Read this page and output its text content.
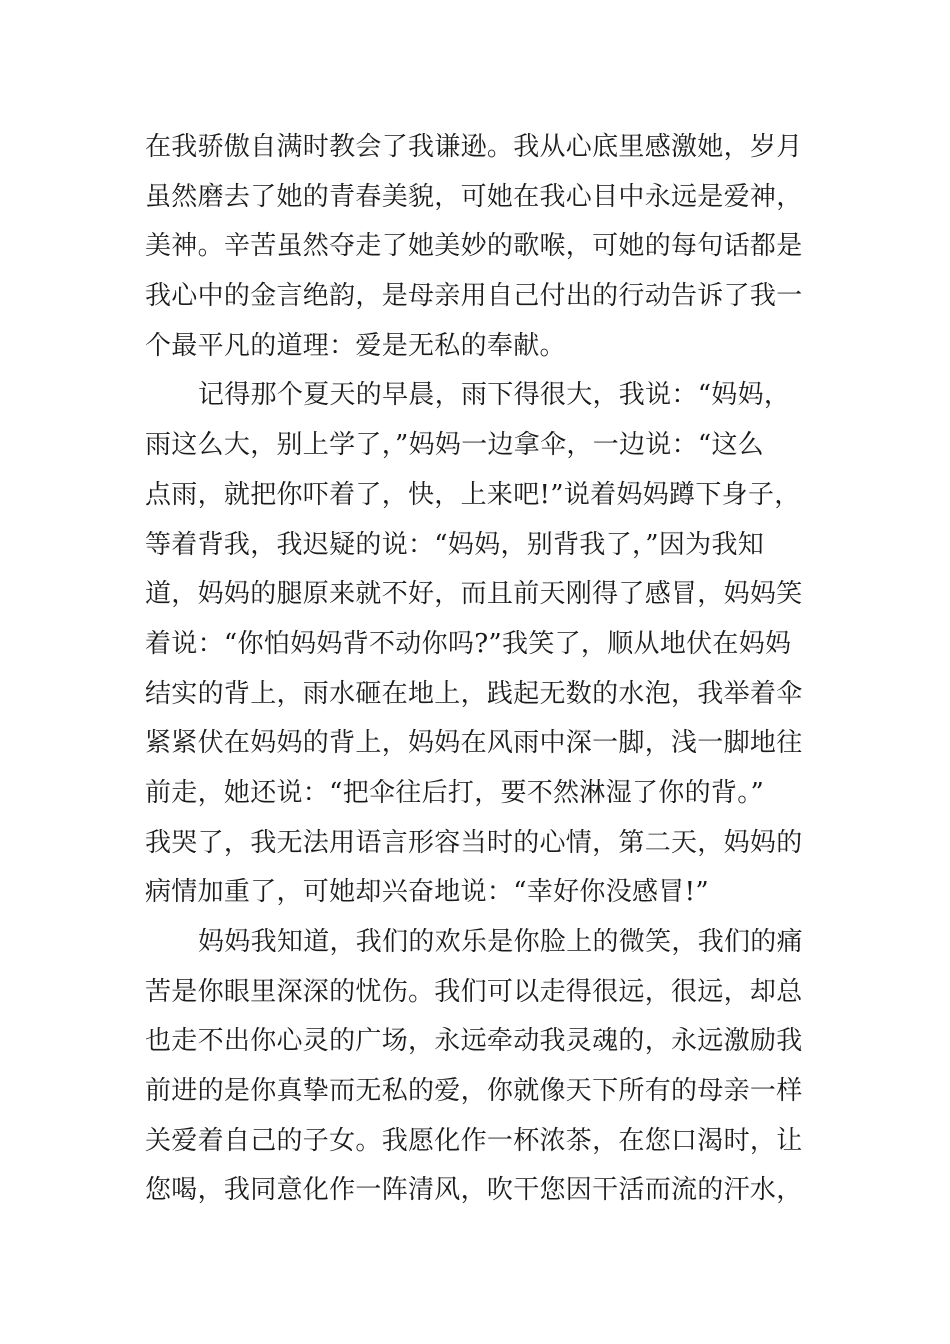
在我骄傲自满时教会了我谦逊。我从心底里感激她，岁月
虽然磨去了她的青春美貌，可她在我心目中永远是爱神，
美神。辛苦虽然夺走了她美妙的歌喉，可她的每句话都是
我心中的金言绝韵，是母亲用自己付出的行动告诉了我一
个最平凡的道理：爱是无私的奉献。
记得那个夏天的早晨，雨下得很大，我说：“妈妈，
雨这么大，别上学了，”妈妈一边拿伞，一边说：“这么
点雨，就把你吓着了，快，上来吧!”说着妈妈蹲下身子，
等着背我，我迟疑的说：“妈妈，别背我了，”因为我知
道，妈妈的腿原来就不好，而且前天刚得了感冒，妈妈笑
着说：“你怕妈妈背不动你吗?”我笑了，顺从地伏在妈妈
结实的背上，雨水砸在地上，践起无数的水泡，我举着伞
紧紧伏在妈妈的背上，妈妈在风雨中深一脚，浅一脚地往
前走，她还说：“把伞往后打，要不然淋湿了你的背。”
我哭了，我无法用语言形容当时的心情，第二天，妈妈的
病情加重了，可她却兴奋地说：“幸好你没感冒!”
妈妈我知道，我们的欢乐是你脸上的微笑，我们的痛
苦是你眼里深深的忧伤。我们可以走得很远，很远，却总
也走不出你心灵的广场，永远牵动我灵魂的，永远激励我
前进的是你真挚而无私的爱，你就像天下所有的母亲一样
关爱着自己的子女。我愿化作一杯浓茶，在您口渴时，让
您喝，我同意化作一阵清风，吹干您因干活而流的汗水，
